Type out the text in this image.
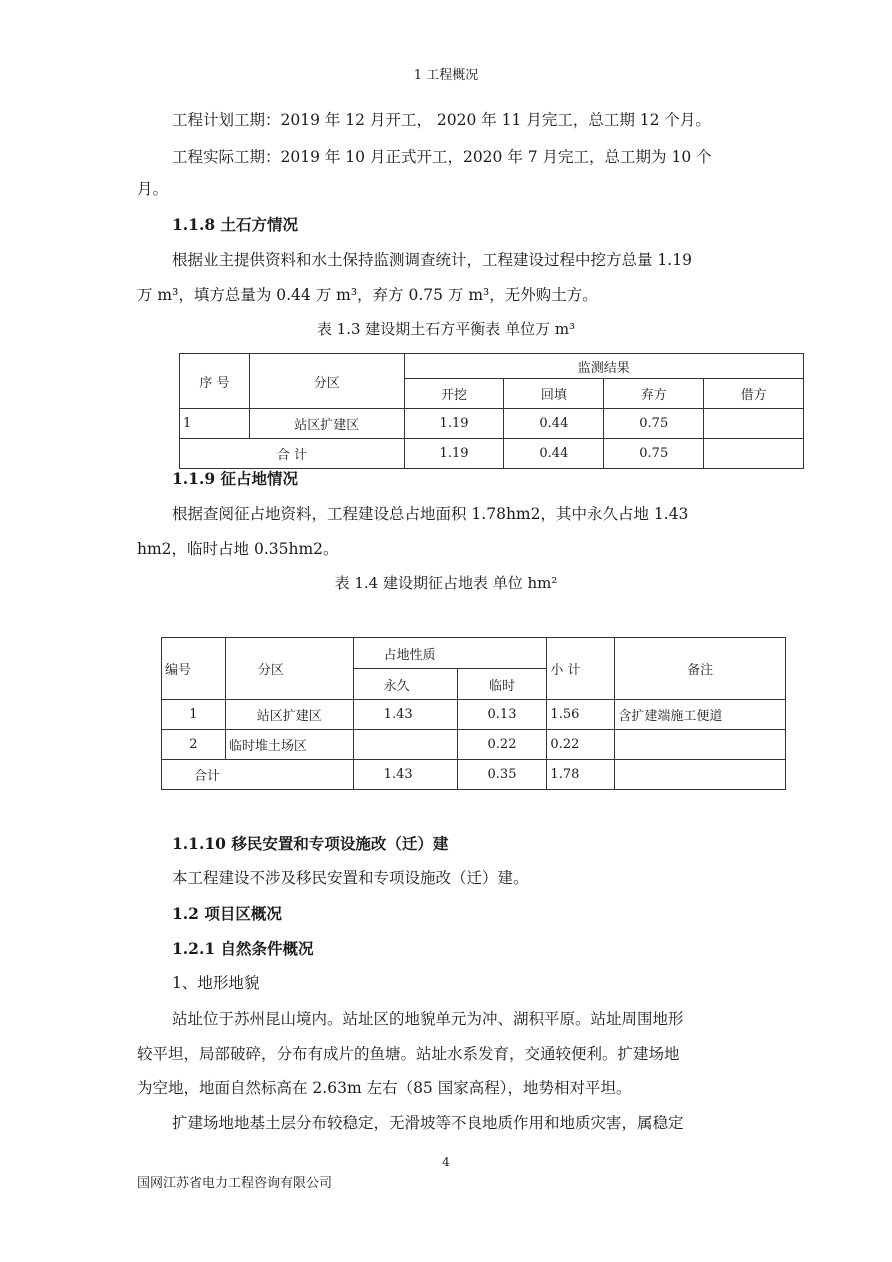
1 工程概况
工程计划工期：2019 年 12 月开工， 2020 年 11 月完工，总工期 12 个月。
工程实际工期：2019 年 10 月正式开工，2020 年 7 月完工，总工期为 10 个
月。
1.1.8 土石方情况
根据业主提供资料和水土保持监测调查统计，工程建设过程中挖方总量 1.19
万 m³，填方总量为 0.44 万 m³，弃方 0.75 万 m³，无外购土方。
表 1.3 建设期土石方平衡表 单位万 m³
序 号	分区	监测结果			
		开挖	回填	弃方	借方
1	站区扩建区	1.19	0.44	0.75	
合 计		1.19	0.44	0.75	
1.1.9 征占地情况
根据查阅征占地资料，工程建设总占地面积 1.78hm2，其中永久占地 1.43
hm2，临时占地 0.35hm2。
表 1.4 建设期征占地表 单位 hm²
编号	分区	占地性质		小 计	备注
		永久	临时		
1	站区扩建区	1.43	0.13	1.56	含扩建端施工便道
2	临时堆土场区		0.22	0.22	
合计		1.43	0.35	1.78	
1.1.10 移民安置和专项设施改（迁）建
本工程建设不涉及移民安置和专项设施改（迁）建。
1.2 项目区概况
1.2.1 自然条件概况
1、地形地貌
站址位于苏州昆山境内。站址区的地貌单元为冲、湖积平原。站址周围地形
较平坦，局部破碎，分布有成片的鱼塘。站址水系发育，交通较便利。扩建场地
为空地，地面自然标高在 2.63m 左右（85 国家高程），地势相对平坦。
扩建场地地基土层分布较稳定，无滑坡等不良地质作用和地质灾害，属稳定
4
国网江苏省电力工程咨询有限公司
